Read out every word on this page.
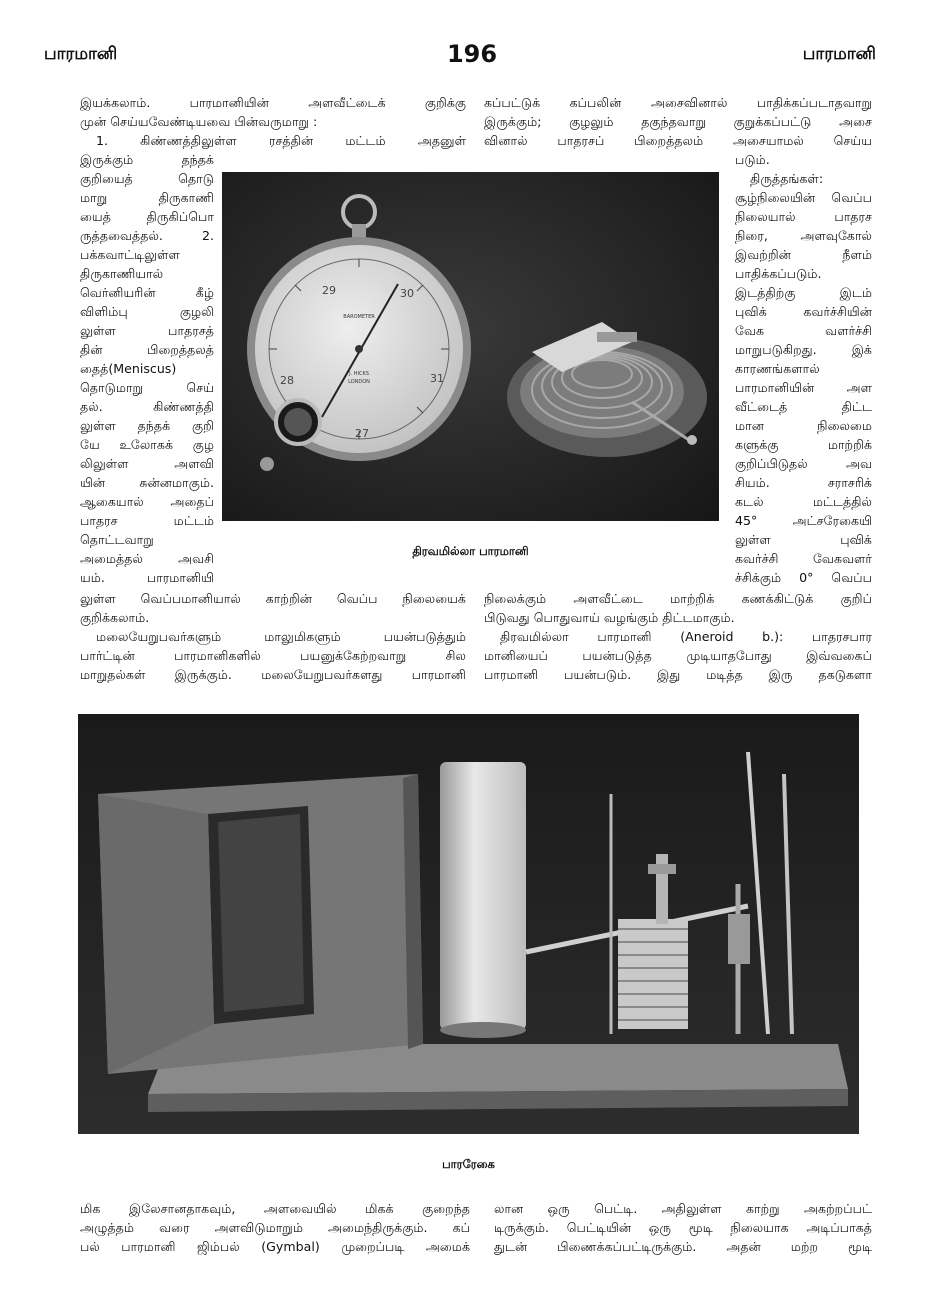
பாரமானி	196	பாரமானி
இயக்கலாம். பாரமானியின் அளவீட்டைக் குறிக்கு
முன் செய்யவேண்டியவை பின்வருமாறு :
1. கிண்ணத்திலுள்ள ரசத்தின் மட்டம் அதனுள்
இருக்கும் தந்தக்
குறியைத் தொடு
மாறு திருகாணி
யைத் திருகிப்பொ
ருத்தவைத்தல். 2.
பக்கவாட்டிலுள்ள
திருகாணியால்
வெர்னியரின் கீழ்
விளிம்பு குழலி
லுள்ள பாதரசத்
தின் பிறைத்தலத்
தைத்(Meniscus)
தொடுமாறு செய்
தல். கிண்ணத்தி
லுள்ள தந்தக் குறி
யே உலோகக் குழ
லிலுள்ள அளவி
யின் சுன்னமாகும்.
ஆகையால் அதைப்
பாதரச மட்டம்
தொட்டவாறு
அமைத்தல் அவசி
யம். பாரமானியி
லுள்ள வெப்பமானியால் காற்றின் வெப்ப நிலையைக்
குறிக்கலாம்.
மலையேறுபவர்களும் மாலுமிகளும் பயன்படுத்தும்
பார்ட்டின் பாரமானிகளில் பயனுக்கேற்றவாறு சில
மாறுதல்கள் இருக்கும். மலையேறுபவர்களது பாரமானி
கப்பட்டுக் கப்பலின் அசைவினால் பாதிக்கப்படாதவாறு
இருக்கும்; குழலும் தகுந்தவாறு குறுக்கப்பட்டு அசை
வினால் பாதரசப் பிறைத்தலம் அசையாமல் செய்ய
படும்.
திருத்தங்கள்:
சூழ்நிலையின் வெப்ப
நிலையால் பாதரச
நிரை, அளவுகோல்
இவற்றின் நீளம்
பாதிக்கப்படும்.
இடத்திற்கு இடம்
புவிக் கவர்ச்சியின்
வேக வளர்ச்சி
மாறுபடுகிறது. இக்
காரணங்களால்
பாரமானியின் அள
வீட்டைத் திட்ட
மான நிலைமை
களுக்கு மாற்றிக்
குறிப்பிடுதல் அவ
சியம். சராசரிக்
கடல் மட்டத்தில்
45° அட்சரேகையி
லுள்ள புவிக்
கவர்ச்சி வேகவளர்
ச்சிக்கும் 0° வெப்ப
நிலைக்கும் அளவீட்டை மாற்றிக் கணக்கிட்டுக் குறிப்
பிடுவது பொதுவாய் வழங்கும் திட்டமாகும்.
திரவமில்லா பாரமானி (Aneroid b.): பாதரசபார
மானியைப் பயன்படுத்த முடியாதபோது இவ்வகைப்
பாரமானி பயன்படும். இது மடித்த இரு தகடுகளா
29	30
31
28
27
BAROMETER
J. HICKS
LONDON
திரவமில்லா பாரமானி
பாரரேகை
மிக இலேசானதாகவும், அளவையில் மிகக் குறைந்த
அழுத்தம் வரை அளவிடுமாறும் அமைந்திருக்கும். கப்
பல் பாரமானி ஜிம்பல் (Gymbal) முறைப்படி அமைக்
லான ஒரு பெட்டி. அதிலுள்ள காற்று அகற்றப்பட்
டிருக்கும். பெட்டியின் ஒரு மூடி நிலையாக அடிப்பாகத்
துடன் பிணைக்கப்பட்டிருக்கும். அதன் மற்ற மூடி
